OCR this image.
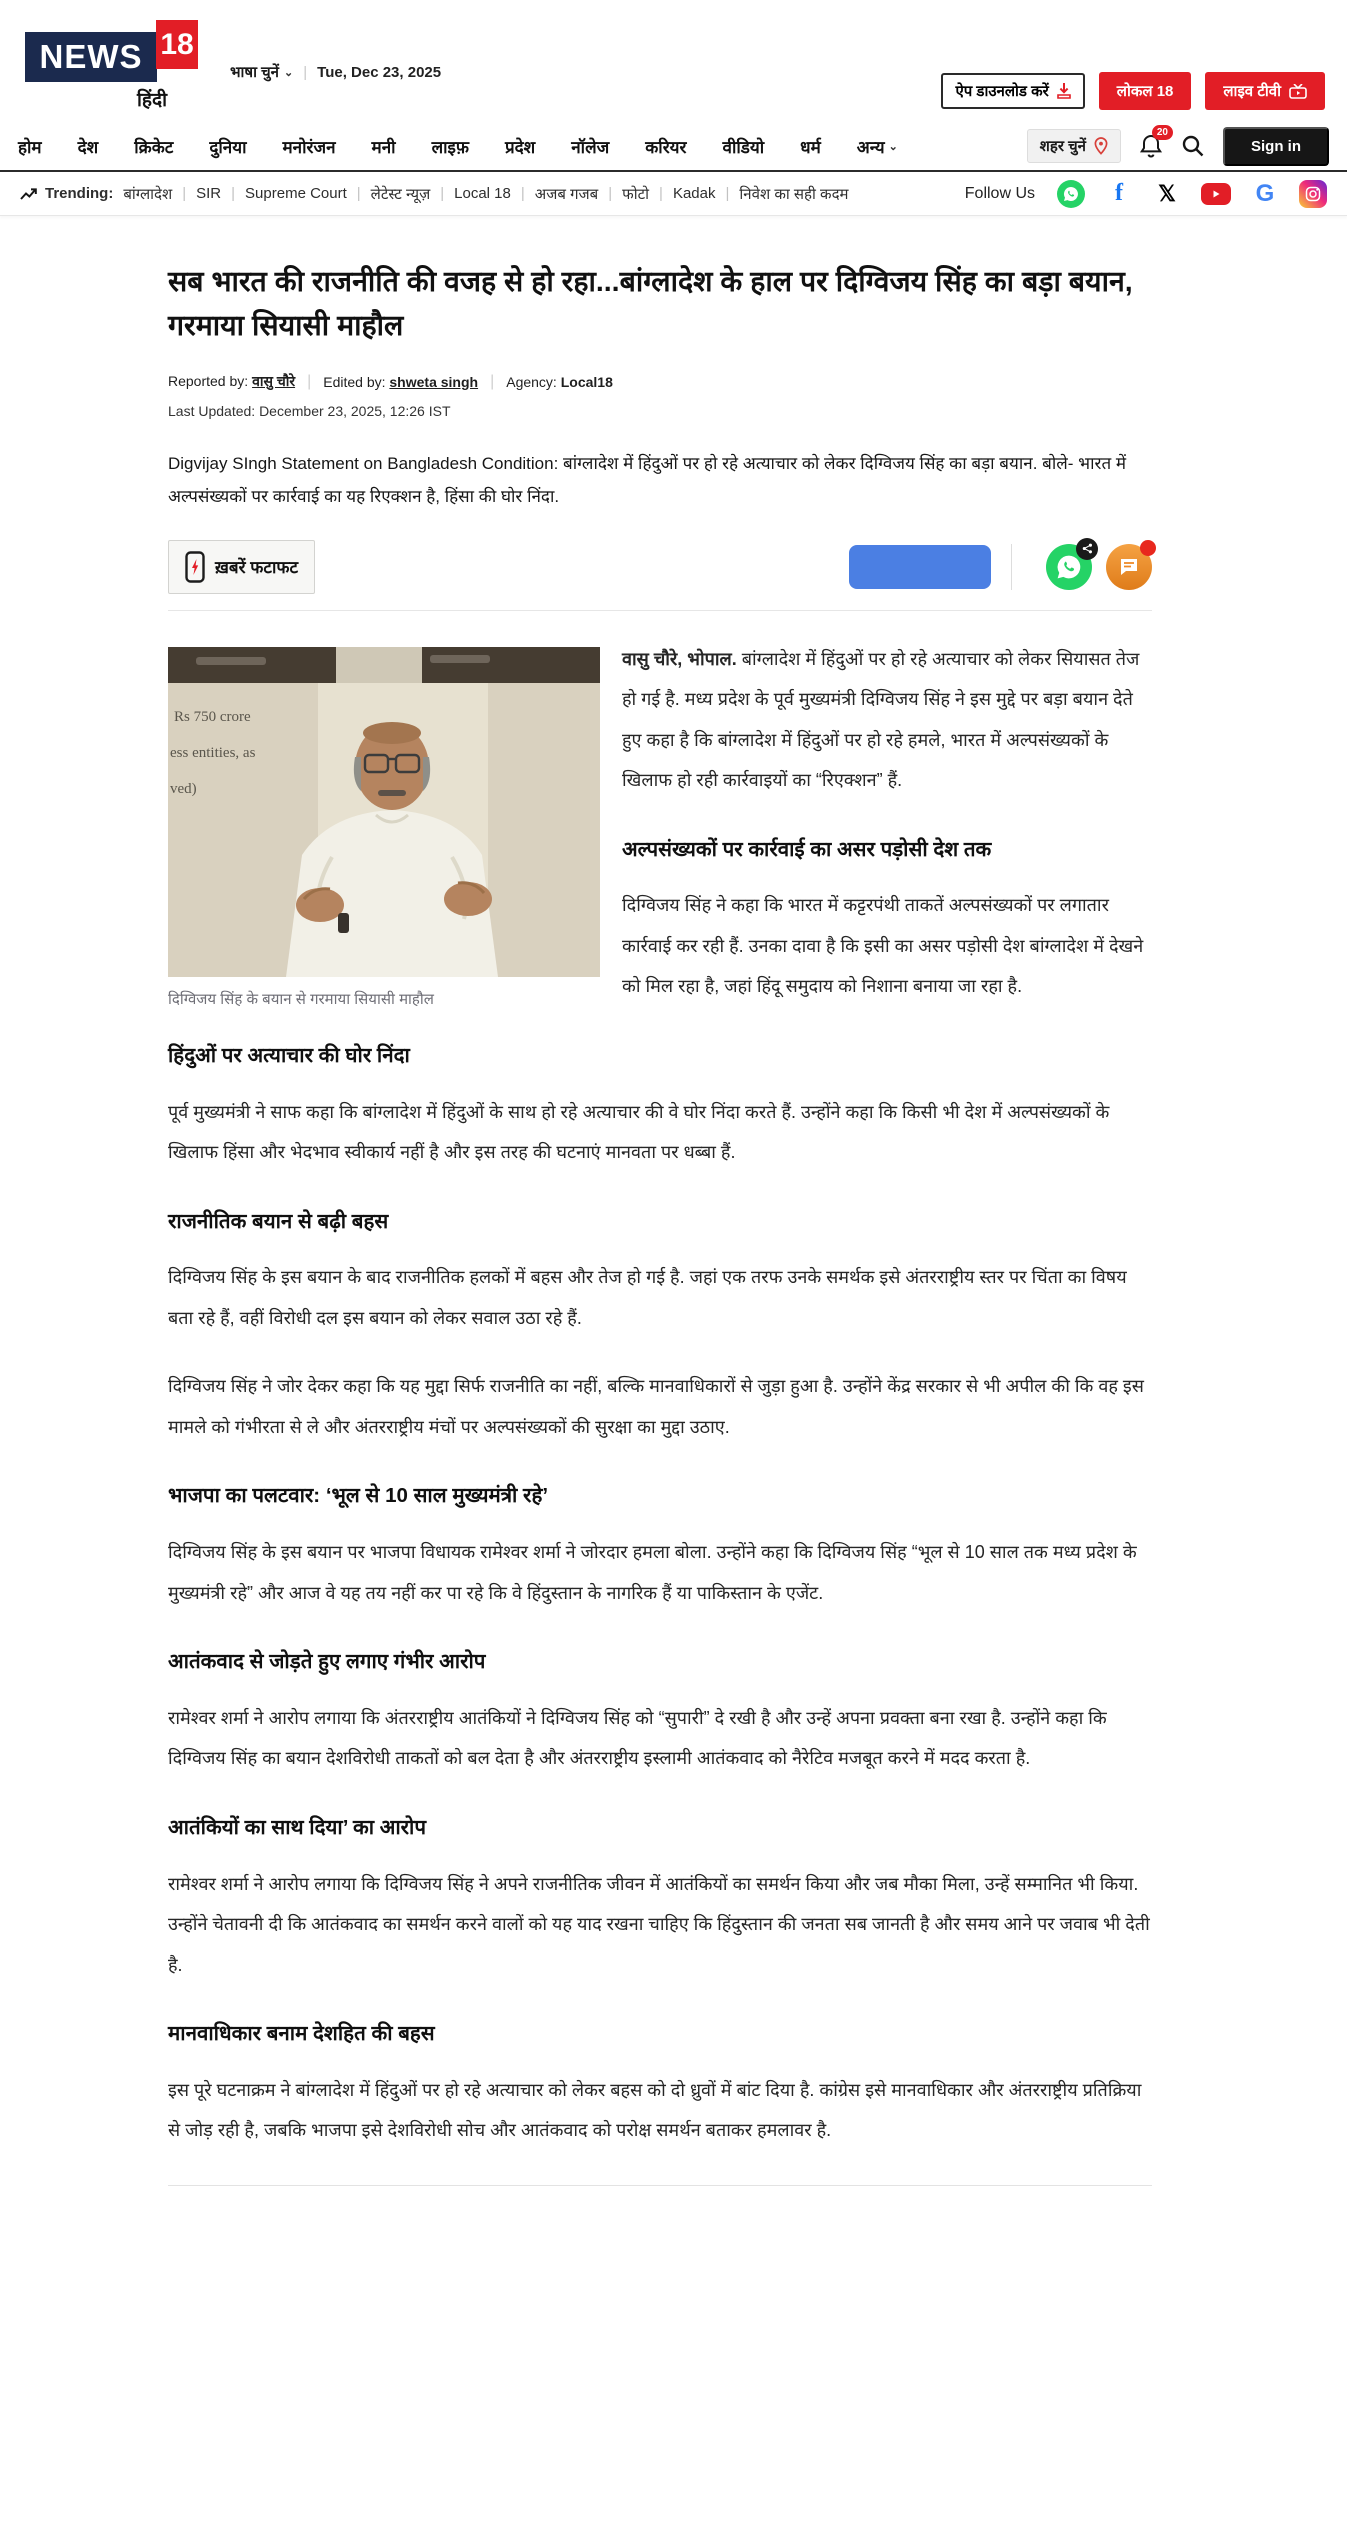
NEWS 18
हिंदी
भाषा चुनें ⌄ | Tue, Dec 23, 2025
ऐप डाउनलोड करें	लोकल 18	लाइव टीवी
होम देश क्रिकेट दुनिया मनोरंजन मनी लाइफ़ प्रदेश नॉलेज करियर वीडियो धर्म अन्य ⌄	शहर चुनें
20
Sign in
Trending: बांग्लादेश | SIR | Supreme Court | लेटेस्ट न्यूज़ | Local 18 | अजब गजब | फोटो | Kadak | निवेश का सही कदम	Follow Us	f	𝕏	G
सब भारत की राजनीति की वजह से हो रहा...बांग्लादेश के हाल पर दिग्विजय सिंह का बड़ा बयान, गरमाया सियासी माहौल
Reported by: वासु चौरे | Edited by: shweta singh | Agency: Local18
Last Updated: December 23, 2025, 12:26 IST
Digvijay SIngh Statement on Bangladesh Condition: बांग्लादेश में हिंदुओं पर हो रहे अत्याचार को लेकर दिग्विजय सिंह का बड़ा बयान. बोले- भारत में अल्पसंख्यकों पर कार्रवाई का यह रिएक्शन है, हिंसा की घोर निंदा.
ख़बरें फटाफट
Rs 750 crore
ess entities, as
ved)
दिग्विजय सिंह के बयान से गरमाया सियासी माहौल

वासु चौरे, भोपाल. बांग्लादेश में हिंदुओं पर हो रहे अत्याचार को लेकर सियासत तेज हो गई है. मध्य प्रदेश के पूर्व मुख्यमंत्री दिग्विजय सिंह ने इस मुद्दे पर बड़ा बयान देते हुए कहा है कि बांग्लादेश में हिंदुओं पर हो रहे हमले, भारत में अल्पसंख्यकों के खिलाफ हो रही कार्रवाइयों का “रिएक्शन” हैं.

अल्पसंख्यकों पर कार्रवाई का असर पड़ोसी देश तक

दिग्विजय सिंह ने कहा कि भारत में कट्टरपंथी ताकतें अल्पसंख्यकों पर लगातार कार्रवाई कर रही हैं. उनका दावा है कि इसी का असर पड़ोसी देश बांग्लादेश में देखने को मिल रहा है, जहां हिंदू समुदाय को निशाना बनाया जा रहा है.

हिंदुओं पर अत्याचार की घोर निंदा

पूर्व मुख्यमंत्री ने साफ कहा कि बांग्लादेश में हिंदुओं के साथ हो रहे अत्याचार की वे घोर निंदा करते हैं. उन्होंने कहा कि किसी भी देश में अल्पसंख्यकों के खिलाफ हिंसा और भेदभाव स्वीकार्य नहीं है और इस तरह की घटनाएं मानवता पर धब्बा हैं.

राजनीतिक बयान से बढ़ी बहस

दिग्विजय सिंह के इस बयान के बाद राजनीतिक हलकों में बहस और तेज हो गई है. जहां एक तरफ उनके समर्थक इसे अंतरराष्ट्रीय स्तर पर चिंता का विषय बता रहे हैं, वहीं विरोधी दल इस बयान को लेकर सवाल उठा रहे हैं.

दिग्विजय सिंह ने जोर देकर कहा कि यह मुद्दा सिर्फ राजनीति का नहीं, बल्कि मानवाधिकारों से जुड़ा हुआ है. उन्होंने केंद्र सरकार से भी अपील की कि वह इस मामले को गंभीरता से ले और अंतरराष्ट्रीय मंचों पर अल्पसंख्यकों की सुरक्षा का मुद्दा उठाए.

भाजपा का पलटवार: ‘भूल से 10 साल मुख्यमंत्री रहे’

दिग्विजय सिंह के इस बयान पर भाजपा विधायक रामेश्वर शर्मा ने जोरदार हमला बोला. उन्होंने कहा कि दिग्विजय सिंह “भूल से 10 साल तक मध्य प्रदेश के मुख्यमंत्री रहे” और आज वे यह तय नहीं कर पा रहे कि वे हिंदुस्तान के नागरिक हैं या पाकिस्तान के एजेंट.

आतंकवाद से जोड़ते हुए लगाए गंभीर आरोप

रामेश्वर शर्मा ने आरोप लगाया कि अंतरराष्ट्रीय आतंकियों ने दिग्विजय सिंह को “सुपारी” दे रखी है और उन्हें अपना प्रवक्ता बना रखा है. उन्होंने कहा कि दिग्विजय सिंह का बयान देशविरोधी ताकतों को बल देता है और अंतरराष्ट्रीय इस्लामी आतंकवाद को नैरेटिव मजबूत करने में मदद करता है.

आतंकियों का साथ दिया’ का आरोप

रामेश्वर शर्मा ने आरोप लगाया कि दिग्विजय सिंह ने अपने राजनीतिक जीवन में आतंकियों का समर्थन किया और जब मौका मिला, उन्हें सम्मानित भी किया. उन्होंने चेतावनी दी कि आतंकवाद का समर्थन करने वालों को यह याद रखना चाहिए कि हिंदुस्तान की जनता सब जानती है और समय आने पर जवाब भी देती है.

मानवाधिकार बनाम देशहित की बहस

इस पूरे घटनाक्रम ने बांग्लादेश में हिंदुओं पर हो रहे अत्याचार को लेकर बहस को दो ध्रुवों में बांट दिया है. कांग्रेस इसे मानवाधिकार और अंतरराष्ट्रीय प्रतिक्रिया से जोड़ रही है, जबकि भाजपा इसे देशविरोधी सोच और आतंकवाद को परोक्ष समर्थन बताकर हमलावर है.
